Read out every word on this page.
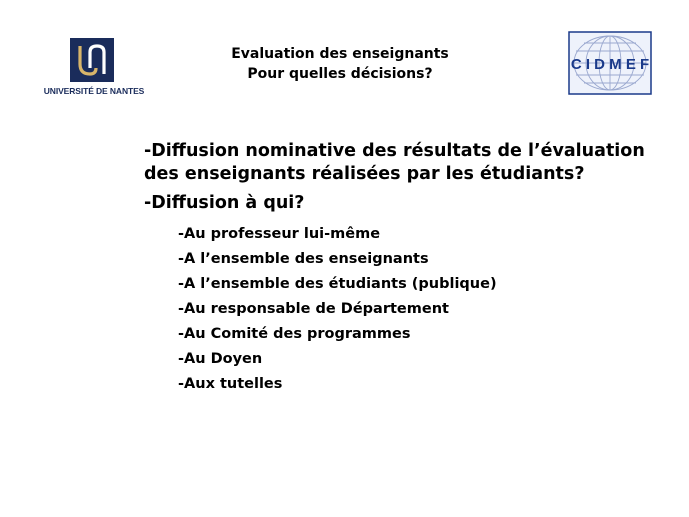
UNIVERSITÉ DE NANTES
Evaluation des enseignants
Pour quelles décisions?
C I D M E F

-Diffusion nominative des résultats de l’évaluation des enseignants réalisées par les étudiants?

-Diffusion à qui?

-Au professeur lui-même
-A l’ensemble des enseignants
-A l’ensemble des étudiants (publique)
-Au responsable de Département
-Au Comité des programmes
-Au Doyen
-Aux tutelles
